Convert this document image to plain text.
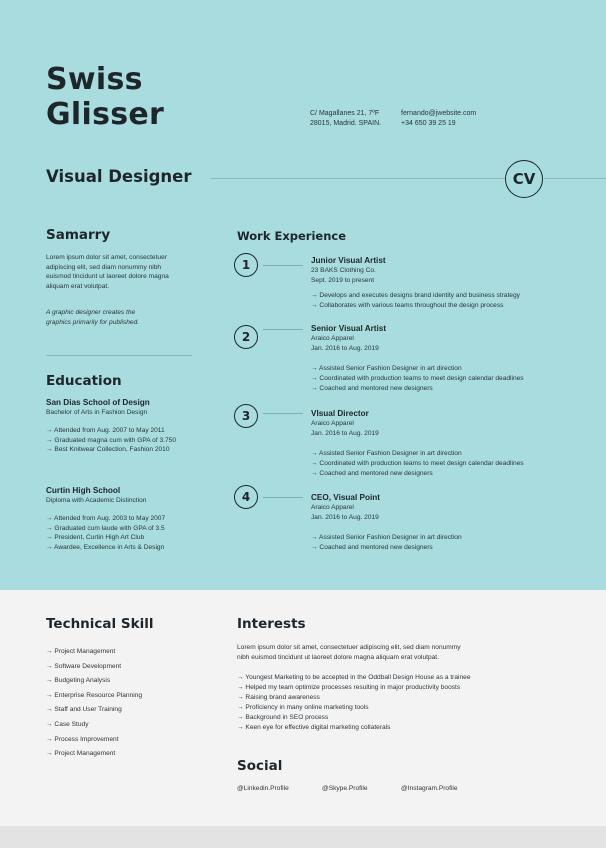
Swiss
Glisser	C/ Magallanes 21, 7ºF
28015, Madrid. SPAIN.
fernando@jwebsite.com
+34 650 39 25 19
Visual Designer	CV
Samarry
Lorem ipsum dolor sit amet, consectetuer
adipiscing elit, sed diam nonummy nibh
euismod tincidunt ut laoreet dolore magna
aliquam erat volutpat.
A graphic designer creates the
graphics primarily for published.
Education
San Dias School of Design
Bachelor of Arts in Fashion Design
→ Attended from Aug. 2007 to May 2011
→ Graduated magna cum with GPA of 3.750
→ Best Knitwear Collection, Fashion 2010
Curtin High School
Diploma with Academic Distinction
→ Attended from Aug. 2003 to May 2007
→ Graduated cum laude with GPA of 3.5
→ President, Curtin High Art Club
→ Awardee, Excellence in Arts & Design
Work Experience
1	Junior Visual Artist
23 BAKS Clothing Co.
Sept. 2019 to present
→ Develops and executes designs brand identity and business strategy
→ Collaborates with various teams throughout the design process
2
Senior Visual Artist
Araico Apparel
Jan. 2016 to Aug. 2019
→ Assisted Senior Fashion Designer in art direction
→ Coordinated with production teams to meet design calendar deadlines
→ Coached and mentored new designers
3	VIsual Director
Araico Apparel
Jan. 2016 to Aug. 2019
→ Assisted Senior Fashion Designer in art direction
→ Coordinated with production teams to meet design calendar deadlines
→ Coached and mentored new designers
4	CEO, Visual Point
Araico Apparel
Jan. 2016 to Aug. 2019
→ Assisted Senior Fashion Designer in art direction
→ Coached and mentored new designers
Technical Skill
→ Project Management
→ Software Development
→ Budgeting Analysis
→ Enterprise Resource Planning
→ Staff and User Training
→ Case Study
→ Process Improvement
→ Project Management
Interests
Lorem ipsum dolor sit amet, consectetuer adipiscing elit, sed diam nonummy
nibh euismod tincidunt ut laoreet dolore magna aliquam erat volutpat.
→ Youngest Marketing to be accepted in the Oddball Design House as a trainee
→ Helped my team optimize processes resulting in major productivity boosts
→ Raising brand awareness
→ Proficiency in many online marketing tools
→ Background in SEO process
→ Keen eye for effective digital marketing collaterals
Social
@Linkedin.Profile	@Skype.Profile	@Instagram.Profile
